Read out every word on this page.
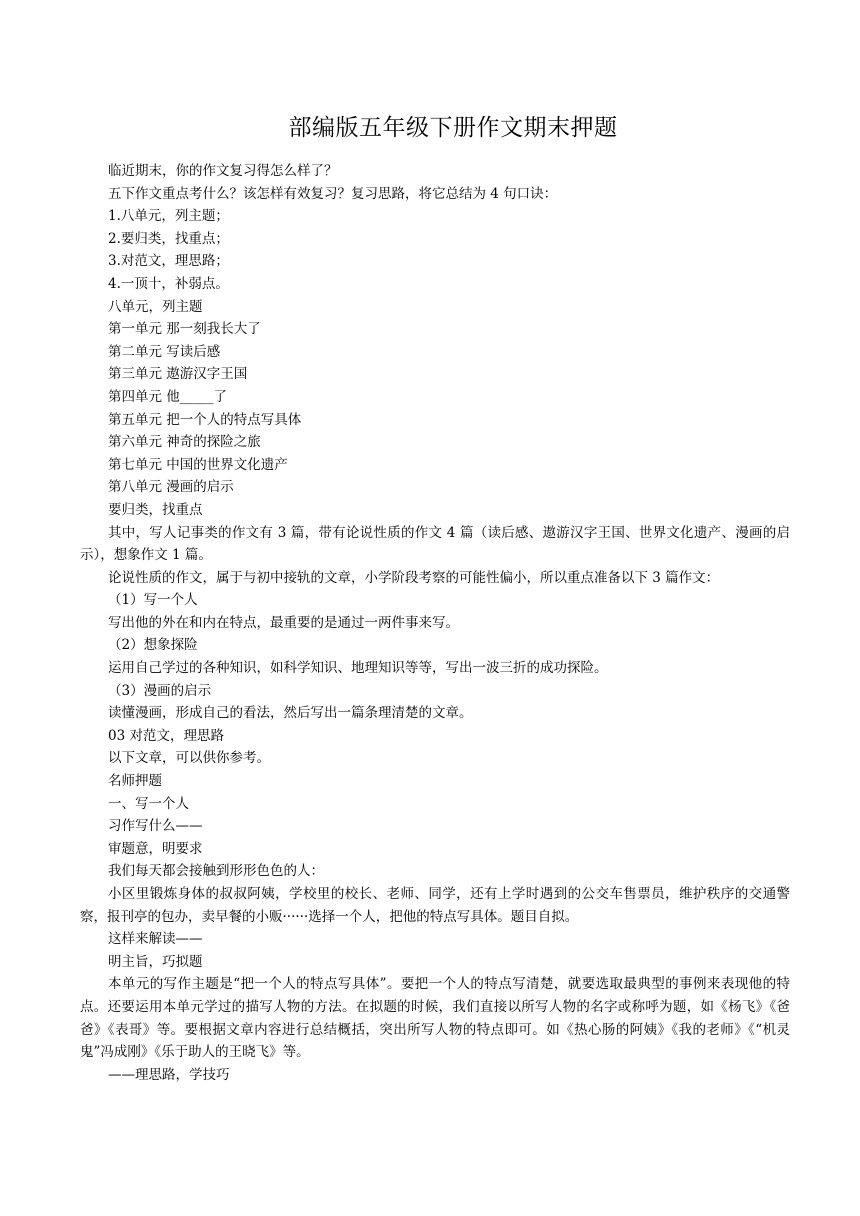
部编版五年级下册作文期末押题

临近期末，你的作文复习得怎么样了？

五下作文重点考什么？该怎样有效复习？复习思路，将它总结为 4 句口诀：

1.八单元，列主题；

2.要归类，找重点；

3.对范文，理思路；

4.一顶十，补弱点。

八单元，列主题

第一单元 那一刻我长大了

第二单元 写读后感

第三单元 遨游汉字王国

第四单元 他_____了

第五单元 把一个人的特点写具体

第六单元 神奇的探险之旅

第七单元 中国的世界文化遗产

第八单元 漫画的启示

要归类，找重点

其中，写人记事类的作文有 3 篇，带有论说性质的作文 4 篇（读后感、遨游汉字王国、世界文化遗产、漫画的启示），想象作文 1 篇。

论说性质的作文，属于与初中接轨的文章，小学阶段考察的可能性偏小，所以重点准备以下 3 篇作文：

（1）写一个人

写出他的外在和内在特点，最重要的是通过一两件事来写。

（2）想象探险

运用自己学过的各种知识，如科学知识、地理知识等等，写出一波三折的成功探险。

（3）漫画的启示

读懂漫画，形成自己的看法，然后写出一篇条理清楚的文章。

03 对范文，理思路

以下文章，可以供你参考。

名师押题

一、写一个人

习作写什么——

审题意，明要求

我们每天都会接触到形形色色的人：

小区里锻炼身体的叔叔阿姨，学校里的校长、老师、同学，还有上学时遇到的公交车售票员，维护秩序的交通警察，报刊亭的包办，卖早餐的小贩······选择一个人，把他的特点写具体。题目自拟。

这样来解读——

明主旨，巧拟题

本单元的写作主题是“把一个人的特点写具体”。要把一个人的特点写清楚，就要选取最典型的事例来表现他的特点。还要运用本单元学过的描写人物的方法。在拟题的时候，我们直接以所写人物的名字或称呼为题，如《杨飞》《爸爸》《表哥》等。要根据文章内容进行总结概括，突出所写人物的特点即可。如《热心肠的阿姨》《我的老师》《“机灵鬼”冯成刚》《乐于助人的王晓飞》等。

——理思路，学技巧
